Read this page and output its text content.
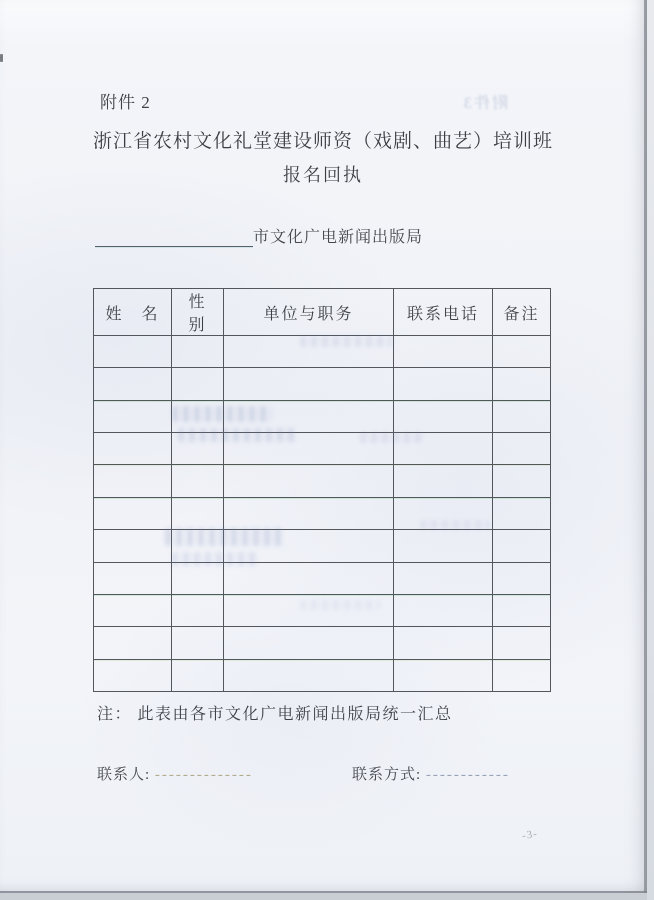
附件 2	附件3
浙江省农村文化礼堂建设师资（戏剧、曲艺）培训班
报名回执
市文化广电新闻出版局
姓　名	性　别	单位与职务	联系电话	备注

注： 此表由各市文化广电新闻出版局统一汇总
联系人: --------------	联系方式: ------------
-3-
